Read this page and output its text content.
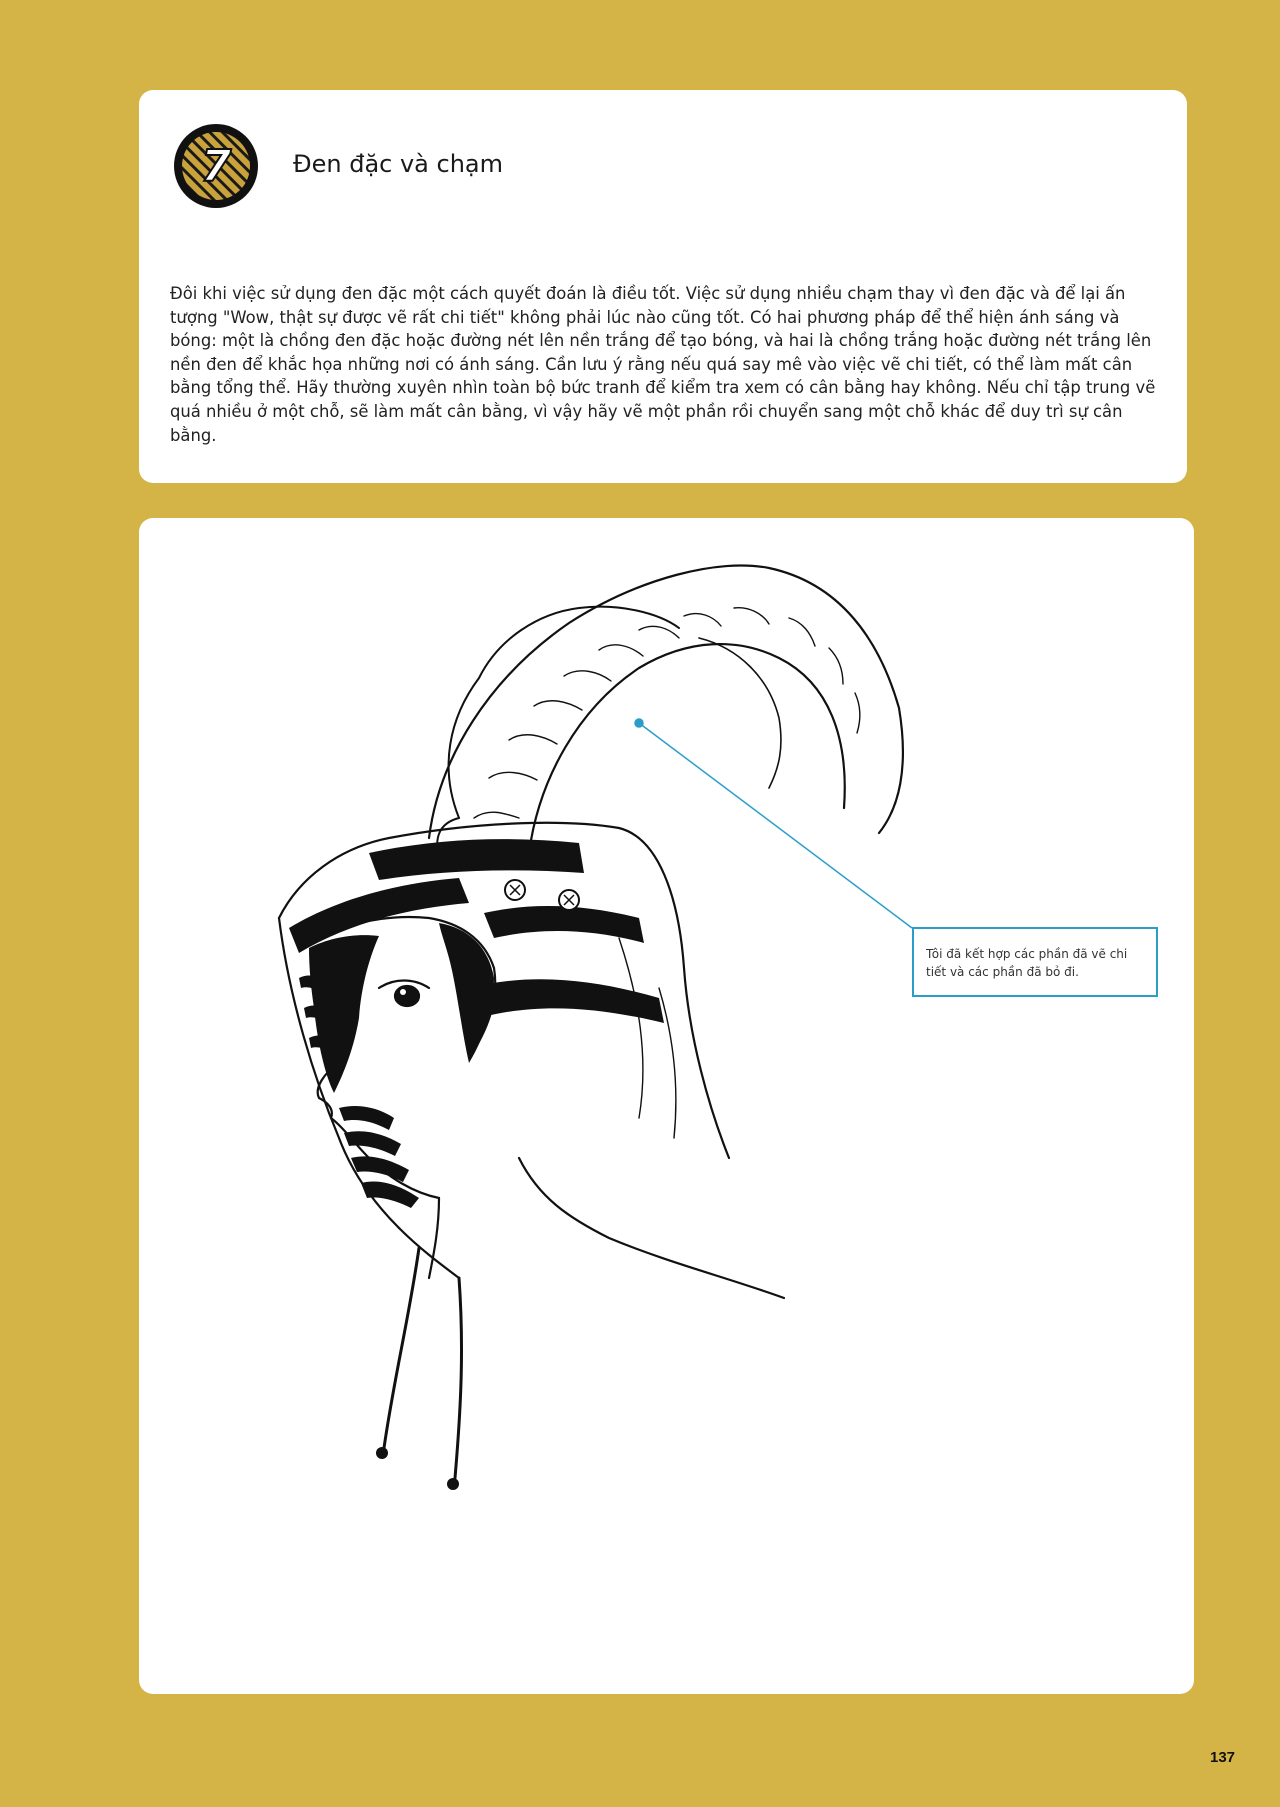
7	Đen đặc và chạm

Đôi khi việc sử dụng đen đặc một cách quyết đoán là điều tốt. Việc sử dụng nhiều chạm thay vì đen đặc và để lại ấn tượng "Wow, thật sự được vẽ rất chi tiết" không phải lúc nào cũng tốt. Có hai phương pháp để thể hiện ánh sáng và bóng: một là chồng đen đặc hoặc đường nét lên nền trắng để tạo bóng, và hai là chồng trắng hoặc đường nét trắng lên nền đen để khắc họa những nơi có ánh sáng. Cần lưu ý rằng nếu quá say mê vào việc vẽ chi tiết, có thể làm mất cân bằng tổng thể. Hãy thường xuyên nhìn toàn bộ bức tranh để kiểm tra xem có cân bằng hay không. Nếu chỉ tập trung vẽ quá nhiều ở một chỗ, sẽ làm mất cân bằng, vì vậy hãy vẽ một phần rồi chuyển sang một chỗ khác để duy trì sự cân bằng.

Tôi đã kết hợp các phần đã vẽ chi tiết và các phần đã bỏ đi.
137
